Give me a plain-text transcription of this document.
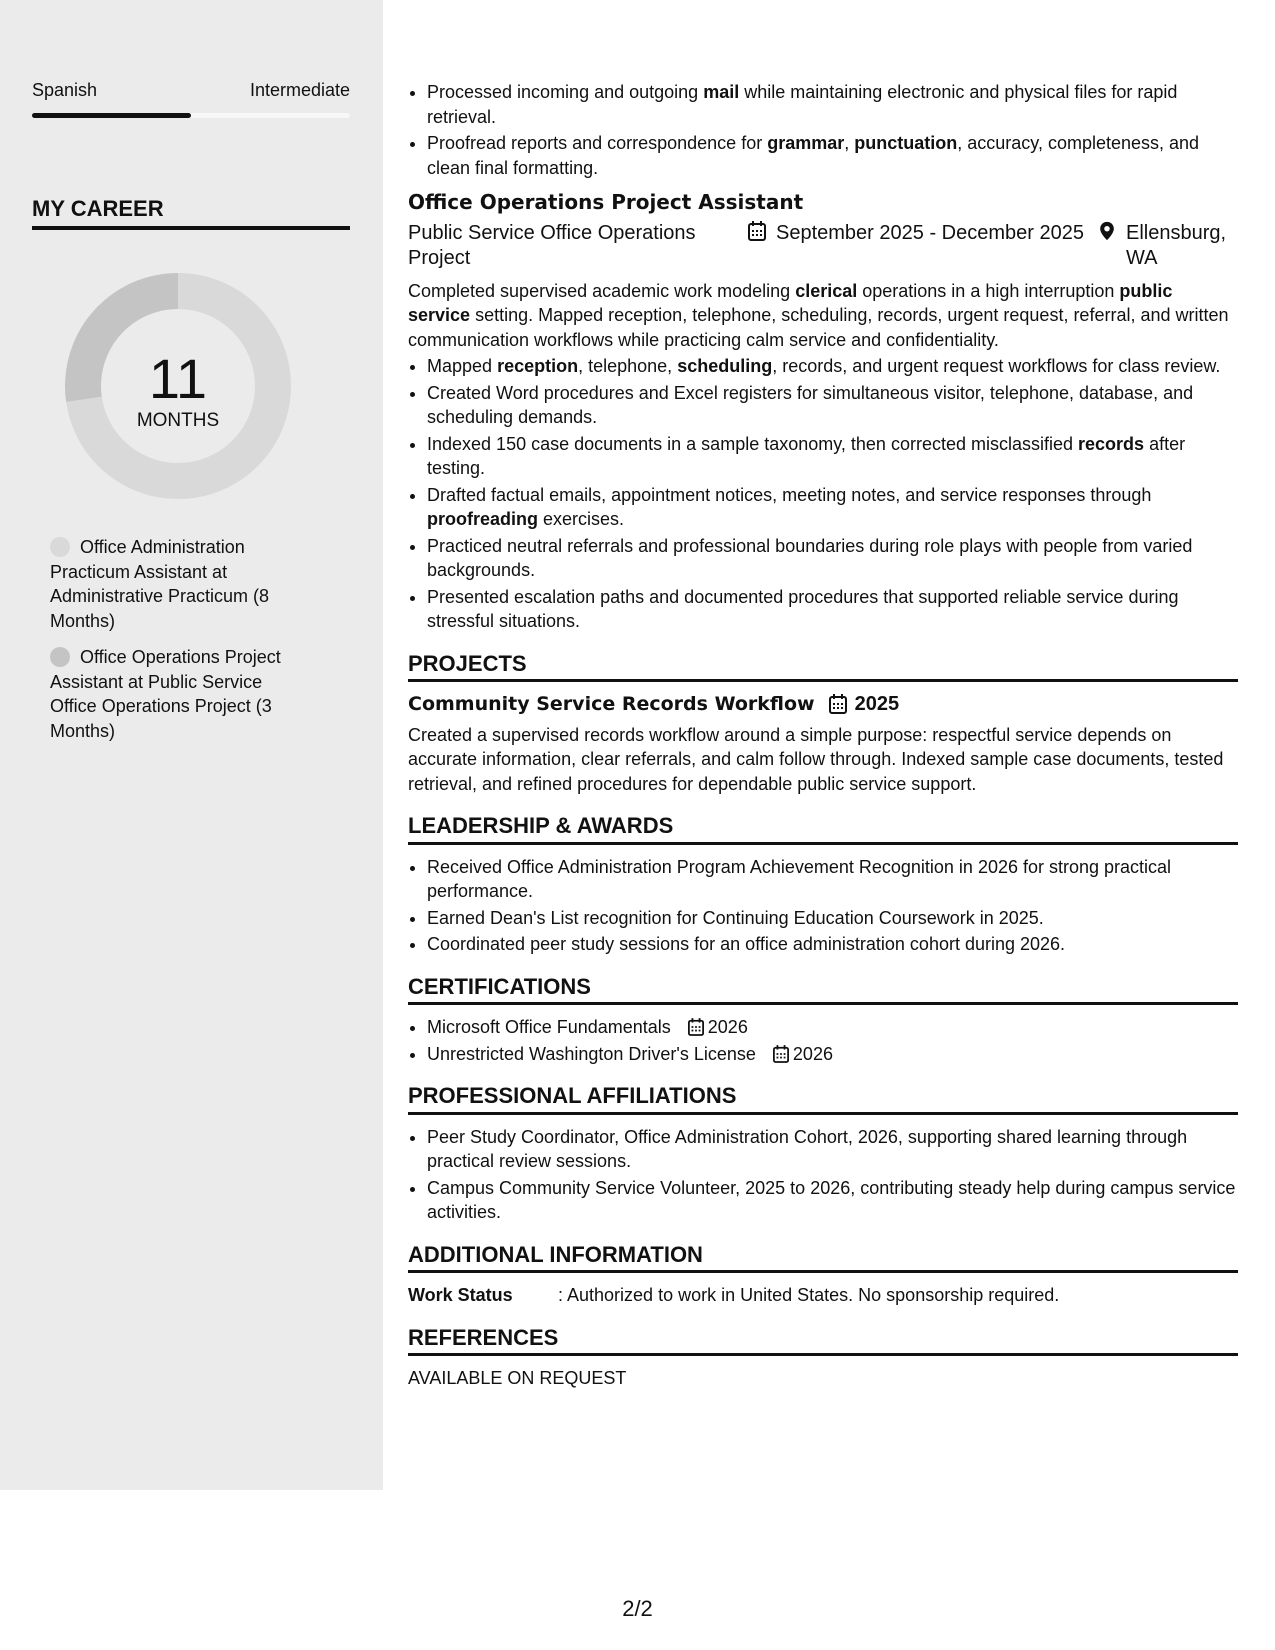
Spanish	Intermediate
MY CAREER
11
MONTHS
Office Administration Practicum Assistant at Administrative Practicum (8 Months)
Office Operations Project Assistant at Public Service Office Operations Project (3 Months)
• Processed incoming and outgoing mail while maintaining electronic and physical files for rapid retrieval.
• Proofread reports and correspondence for grammar, punctuation, accuracy, completeness, and clean final formatting.
Office Operations Project Assistant
Public Service Office Operations Project
September 2025 - December 2025 Ellensburg, WA
Completed supervised academic work modeling clerical operations in a high interruption public service setting. Mapped reception, telephone, scheduling, records, urgent request, referral, and written communication workflows while practicing calm service and confidentiality.
• Mapped reception, telephone, scheduling, records, and urgent request workflows for class review.
• Created Word procedures and Excel registers for simultaneous visitor, telephone, database, and scheduling demands.
• Indexed 150 case documents in a sample taxonomy, then corrected misclassified records after testing.
• Drafted factual emails, appointment notices, meeting notes, and service responses through proofreading exercises.
• Practiced neutral referrals and professional boundaries during role plays with people from varied backgrounds.
• Presented escalation paths and documented procedures that supported reliable service during stressful situations.
PROJECTS
Community Service Records Workflow 2025
Created a supervised records workflow around a simple purpose: respectful service depends on accurate information, clear referrals, and calm follow through. Indexed sample case documents, tested retrieval, and refined procedures for dependable public service support.
LEADERSHIP & AWARDS
• Received Office Administration Program Achievement Recognition in 2026 for strong practical performance.
• Earned Dean's List recognition for Continuing Education Coursework in 2025.
• Coordinated peer study sessions for an office administration cohort during 2026.
CERTIFICATIONS
• Microsoft Office Fundamentals 2026
• Unrestricted Washington Driver's License 2026
PROFESSIONAL AFFILIATIONS
• Peer Study Coordinator, Office Administration Cohort, 2026, supporting shared learning through practical review sessions.
• Campus Community Service Volunteer, 2025 to 2026, contributing steady help during campus service activities.
ADDITIONAL INFORMATION
Work Status	: Authorized to work in United States. No sponsorship required.
REFERENCES
AVAILABLE ON REQUEST
2/2
